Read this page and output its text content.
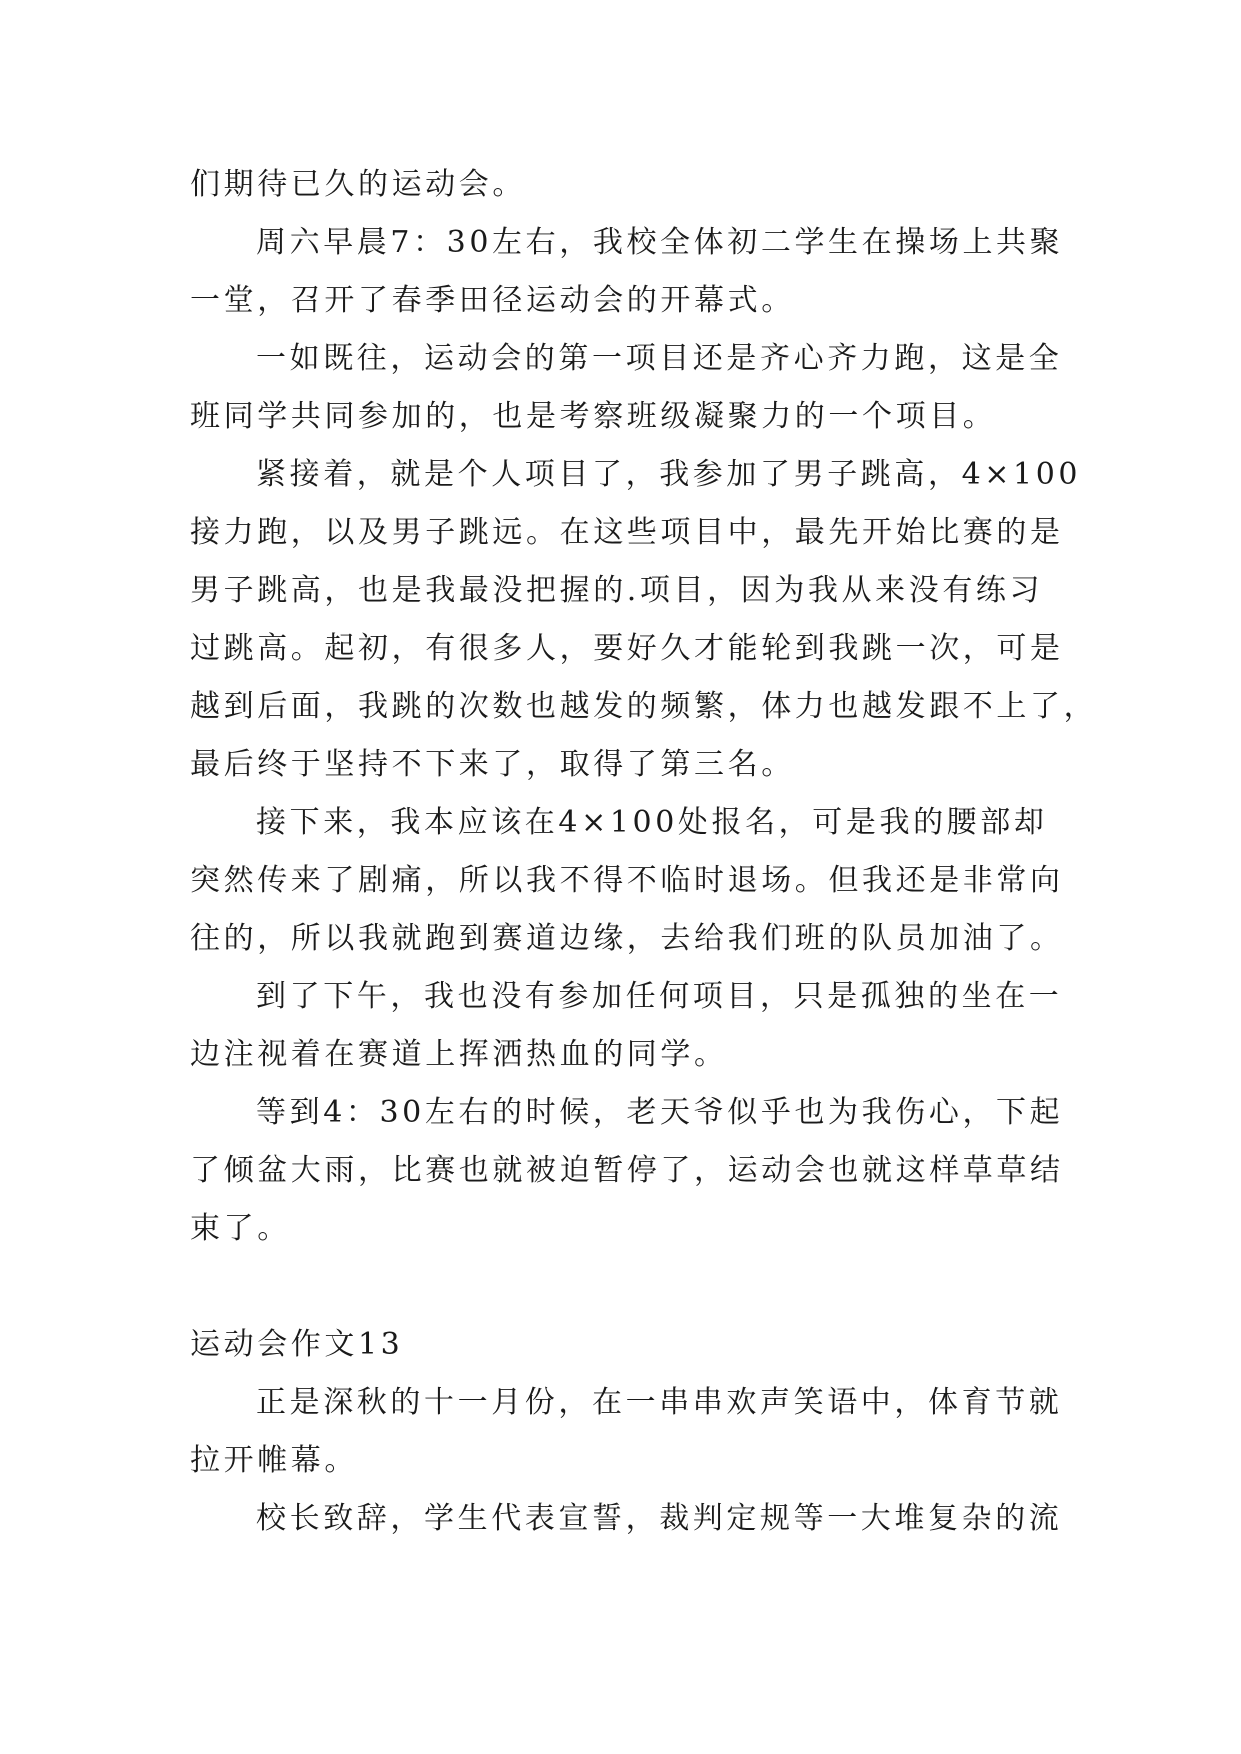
们期待已久的运动会。
周六早晨7：30左右，我校全体初二学生在操场上共聚
一堂，召开了春季田径运动会的开幕式。
一如既往，运动会的第一项目还是齐心齐力跑，这是全
班同学共同参加的，也是考察班级凝聚力的一个项目。
紧接着，就是个人项目了，我参加了男子跳高，4×100
接力跑，以及男子跳远。在这些项目中，最先开始比赛的是
男子跳高，也是我最没把握的.项目，因为我从来没有练习
过跳高。起初，有很多人，要好久才能轮到我跳一次，可是
越到后面，我跳的次数也越发的频繁，体力也越发跟不上了，
最后终于坚持不下来了，取得了第三名。
接下来，我本应该在4×100处报名，可是我的腰部却
突然传来了剧痛，所以我不得不临时退场。但我还是非常向
往的，所以我就跑到赛道边缘，去给我们班的队员加油了。
到了下午，我也没有参加任何项目，只是孤独的坐在一
边注视着在赛道上挥洒热血的同学。
等到4：30左右的时候，老天爷似乎也为我伤心，下起
了倾盆大雨，比赛也就被迫暂停了，运动会也就这样草草结
束了。
运动会作文13
正是深秋的十一月份，在一串串欢声笑语中，体育节就
拉开帷幕。
校长致辞，学生代表宣誓，裁判定规等一大堆复杂的流
